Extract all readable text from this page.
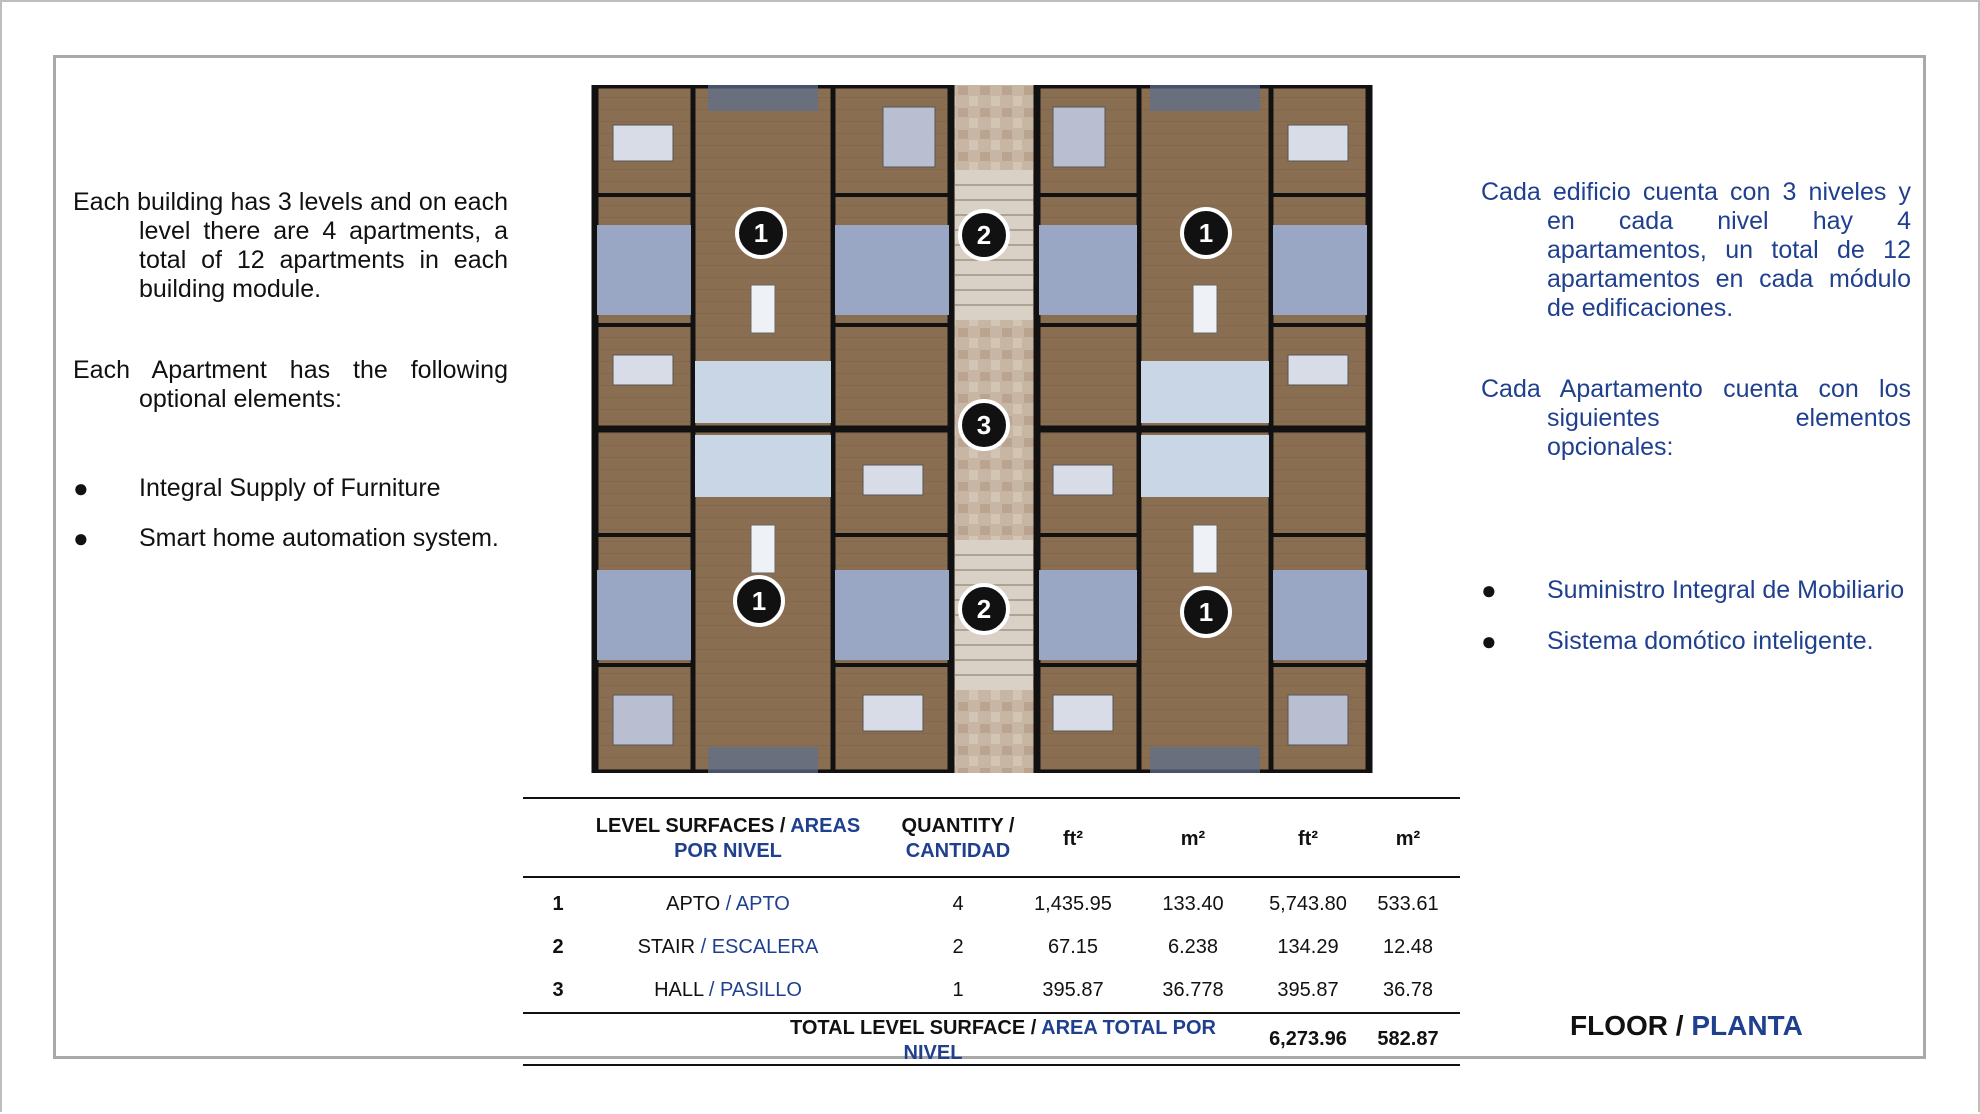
Each building has 3 levels and on each level there are 4 apartments, a total of 12 apartments in each building module.

Each Apartment has the following optional elements:

● Integral Supply of Furniture
● Smart home automation system.

Cada edificio cuenta con 3 niveles y en cada nivel hay 4 apartamentos, un total de 12 apartamentos en cada módulo de edificaciones.

Cada Apartamento cuenta con los siguientes elementos opcionales:

● Suministro Integral de Mobiliario
● Sistema domótico inteligente.
1	2	1
3
1	2	1
LEVEL SURFACES / AREAS
POR NIVEL
QUANTITY /
CANTIDAD
ft²	m²	ft²	m²
1	APTO / APTO	4	1,435.95	133.40	5,743.80	533.61
2	STAIR / ESCALERA	2	67.15	6.238	134.29	12.48
3	HALL / PASILLO	1	395.87	36.778	395.87	36.78
TOTAL LEVEL SURFACE / AREA TOTAL POR
NIVEL
6,273.96	582.87	FLOOR / PLANTA
